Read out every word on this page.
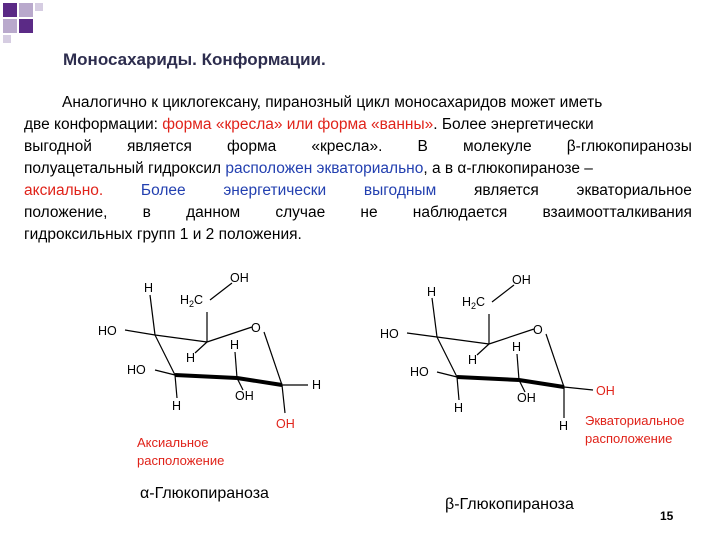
Моносахариды. Конформации.
Аналогично к циклогексану, пиранозный цикл моносахаридов может иметь
две конформации: форма «кресла» или форма «ванны» . Более энергетически
выгодной является форма «кресла». В молекуле β-глюкопиранозы
полуацетальный гидроксил расположен экваториально , а в α-глюкопиранозе –
аксиально. Более энергетически выгодным является экваториальное
положение, в данном случае не наблюдается взаимоотталкивания
гидроксильных групп 1 и 2 положения.
OH
H
$H_2C$
HO
HO
O
H
H
H
H
OH
OH
OH
H
$H_2C$
HO
HO
O
H
H
H
OH	OH
H
Аксиальное
расположение
Экваториальное
расположение
α-Глюкопираноза
β-Глюкопираноза
15
